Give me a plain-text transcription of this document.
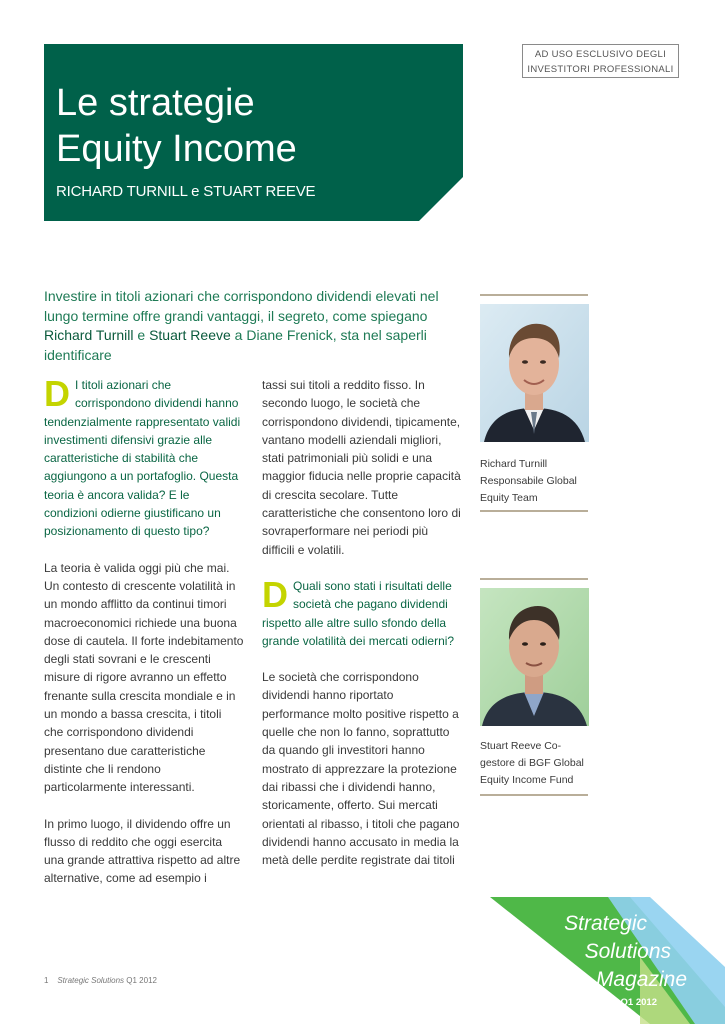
AD USO ESCLUSIVO DEGLI INVESTITORI PROFESSIONALI
Le strategie
Equity Income
RICHARD TURNILL e STUART REEVE

Investire in titoli azionari che corrispondono dividendi elevati nel lungo termine offre grandi vantaggi, il segreto, come spiegano Richard Turnill e Stuart Reeve a Diane Frenick, sta nel saperli identificare

D I titoli azionari che corrispondono dividendi hanno tendenzialmente rappresentato validi investimenti difensivi grazie alle caratteristiche di stabilità che aggiungono a un portafoglio. Questa teoria è ancora valida? E le condizioni odierne giustificano un posizionamento di questo tipo?

La teoria è valida oggi più che mai. Un contesto di crescente volatilità in un mondo afflitto da continui timori macroeconomici richiede una buona dose di cautela. Il forte indebitamento degli stati sovrani e le crescenti misure di rigore avranno un effetto frenante sulla crescita mondiale e in un mondo a bassa crescita, i titoli che corrispondono dividendi presentano due caratteristiche distinte che li rendono particolarmente interessanti.

In primo luogo, il dividendo offre un flusso di reddito che oggi esercita una grande attrattiva rispetto ad altre alternative, come ad esempio i

tassi sui titoli a reddito fisso. In secondo luogo, le società che corrispondono dividendi, tipicamente, vantano modelli aziendali migliori, stati patrimoniali più solidi e una maggior fiducia nelle proprie capacità di crescita secolare. Tutte caratteristiche che consentono loro di sovraperformare nei periodi più difficili e volatili.

D Quali sono stati i risultati delle società che pagano dividendi rispetto alle altre sullo sfondo della grande volatilità dei mercati odierni?

Le società che corrispondono dividendi hanno riportato performance molto positive rispetto a quelle che non lo fanno, soprattutto da quando gli investitori hanno mostrato di apprezzare la protezione dai ribassi che i dividendi hanno, storicamente, offerto. Sui mercati orientati al ribasso, i titoli che pagano dividendi hanno accusato in media la metà delle perdite registrate dai titoli

Richard Turnill Responsabile Global Equity Team
Stuart Reeve Co-gestore di BGF Global Equity Income Fund
1 Strategic Solutions Q1 2012
Strategic
Solutions
Magazine
Q1 2012
